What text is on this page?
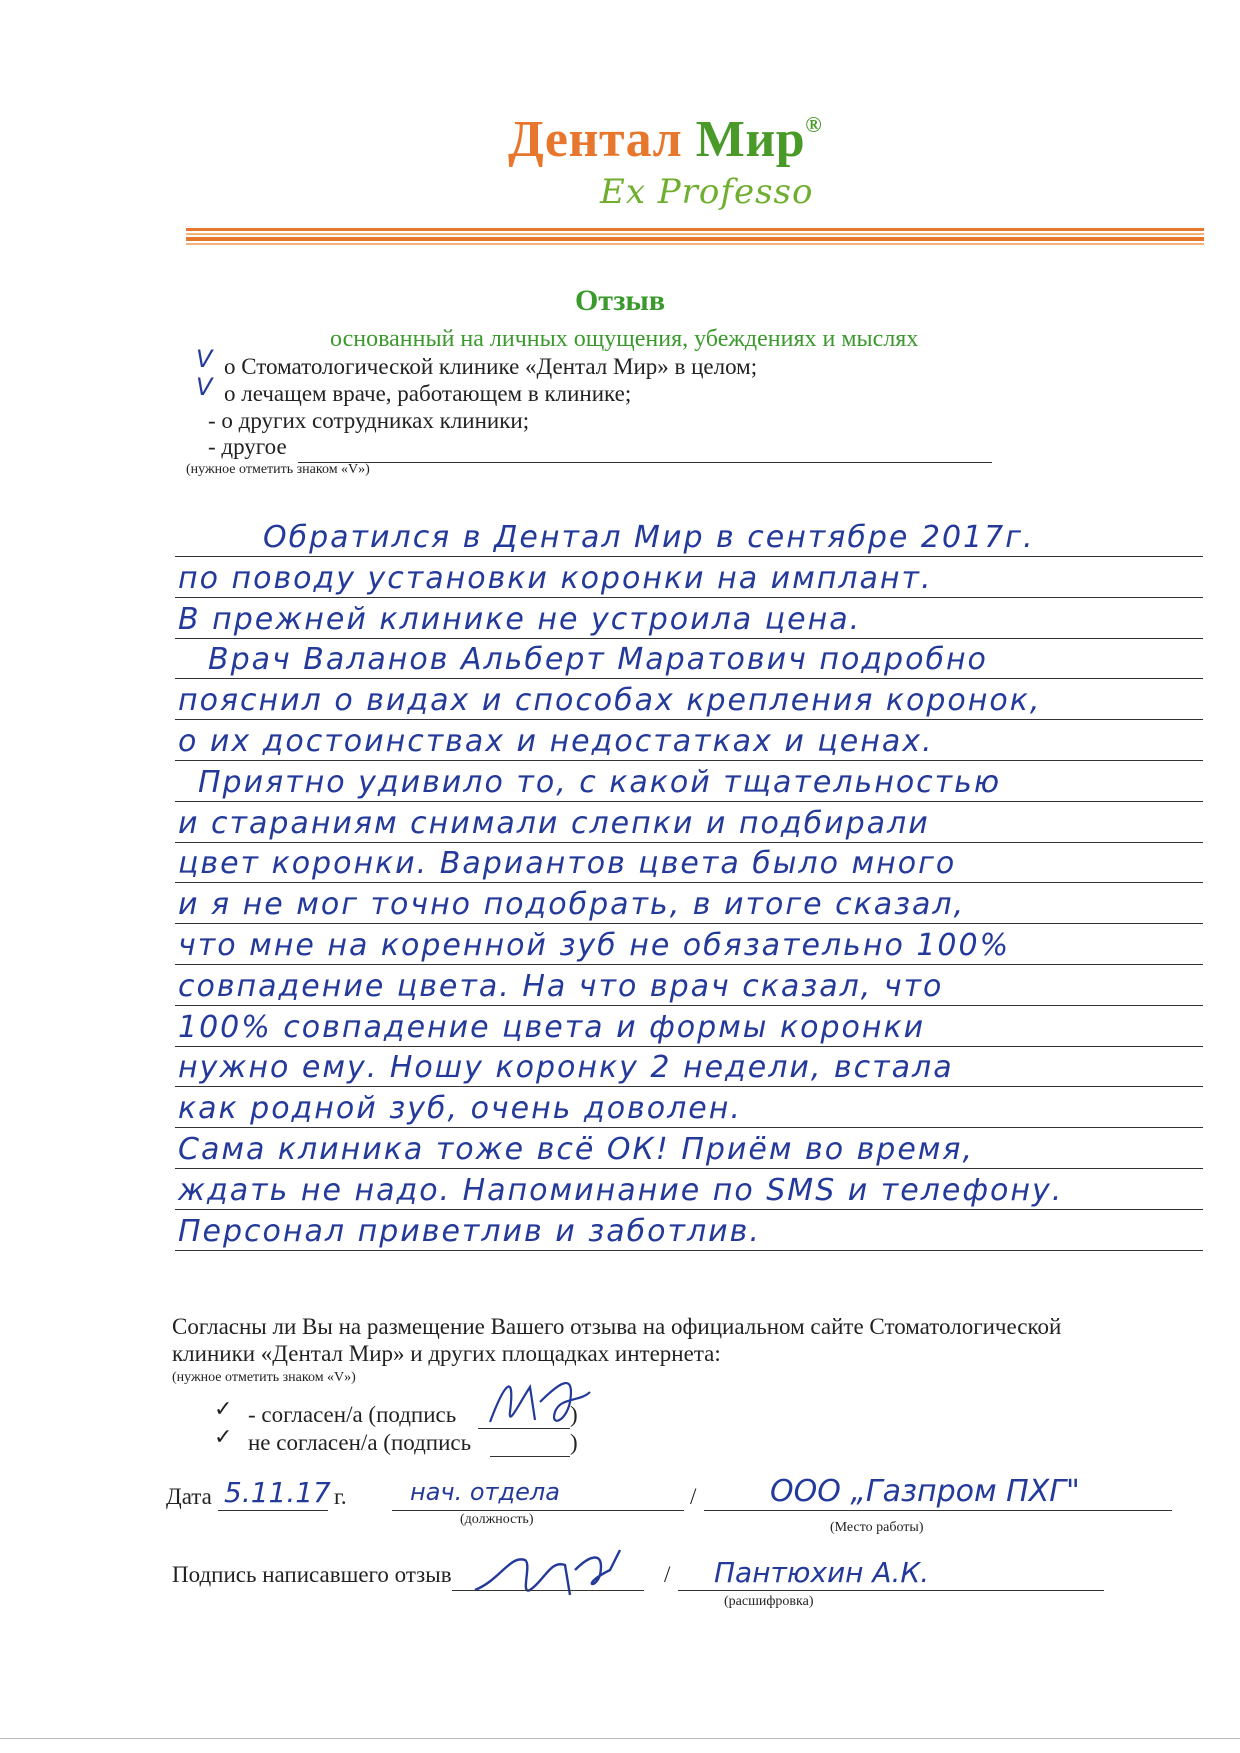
Дентал Мир®
Ex Professo
Отзыв
основанный на личных ощущения, убеждениях и мыслях
V о Стоматологической клинике «Дентал Мир» в целом;
V о лечащем враче, работающем в клинике;
- о других сотрудниках клиники;
- другое
(нужное отметить знаком «V»)
Обратился в Дентал Мир в сентябре 2017г.
по поводу установки коронки на имплант.
В прежней клинике не устроила цена.
Врач Валанов Альберт Маратович подробно
пояснил о видах и способах крепления коронок,
о их достоинствах и недостатках и ценах.
Приятно удивило то, с какой тщательностью
и стараниям снимали слепки и подбирали
цвет коронки. Вариантов цвета было много
и я не мог точно подобрать, в итоге сказал,
что мне на коренной зуб не обязательно 100%
совпадение цвета. На что врач сказал, что
100% совпадение цвета и формы коронки
нужно ему. Ношу коронку 2 недели, встала
как родной зуб, очень доволен.
Сама клиника тоже всё ОК! Приём во время,
ждать не надо. Напоминание по SMS и телефону.
Персонал приветлив и заботлив.
Согласны ли Вы на размещение Вашего отзыва на официальном сайте Стоматологической
клиники «Дентал Мир» и других площадках интернета:
(нужное отметить знаком «V»)
✓ - согласен/а (подпись	)
✓ не согласен/а (подпись	)
Дата 5.11.17 г.	нач. отдела
(должность)
/ ООО „Газпром ПХГ"
(Место работы)
Подпись написавшего отзыв	/ Пантюхин А.К.
(расшифровка)
